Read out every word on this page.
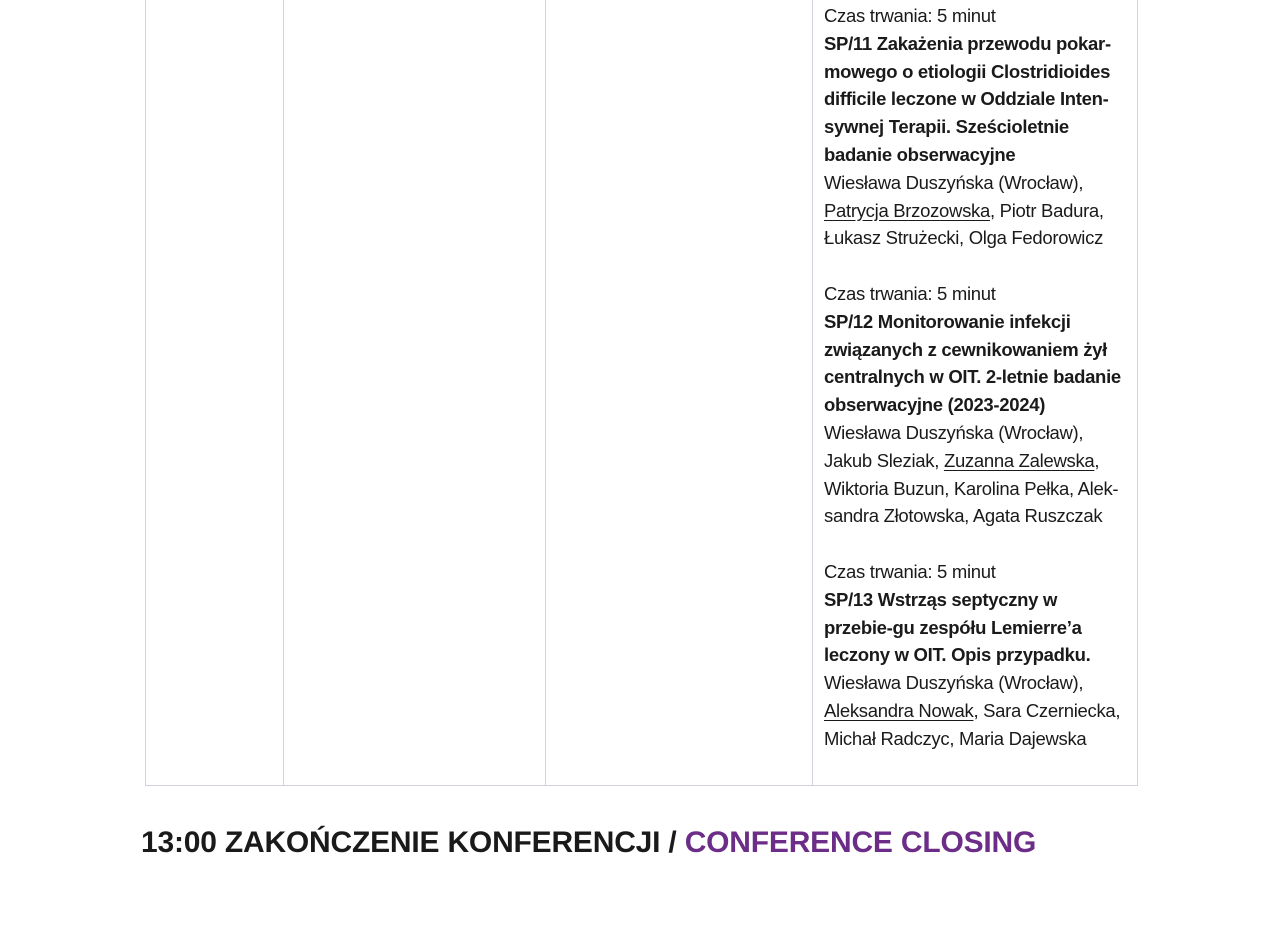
Czas trwania: 5 minut

SP/11 Zakażenia przewodu pokar-mowego o etiologii Clostridioides difficile leczone w Oddziale Inten-sywnej Terapii. Sześcioletnie badanie obserwacyjne

Wiesława Duszyńska (Wrocław), Patrycja Brzozowska, Piotr Badura, Łukasz Strużecki, Olga Fedorowicz

Czas trwania: 5 minut

SP/12 Monitorowanie infekcji związanych z cewnikowaniem żył centralnych w OIT. 2-letnie badanie obserwacyjne (2023-2024)

Wiesława Duszyńska (Wrocław), Jakub Sleziak, Zuzanna Zalewska, Wiktoria Buzun, Karolina Pełka, Alek-sandra Złotowska, Agata Ruszczak

Czas trwania: 5 minut

SP/13 Wstrząs septyczny w przebie-gu zespółu Lemierre’a leczony w OIT. Opis przypadku.

Wiesława Duszyńska (Wrocław), Aleksandra Nowak, Sara Czerniecka, Michał Radczyc, Maria Dajewska

13:00 ZAKOŃCZENIE KONFERENCJI / CONFERENCE CLOSING
